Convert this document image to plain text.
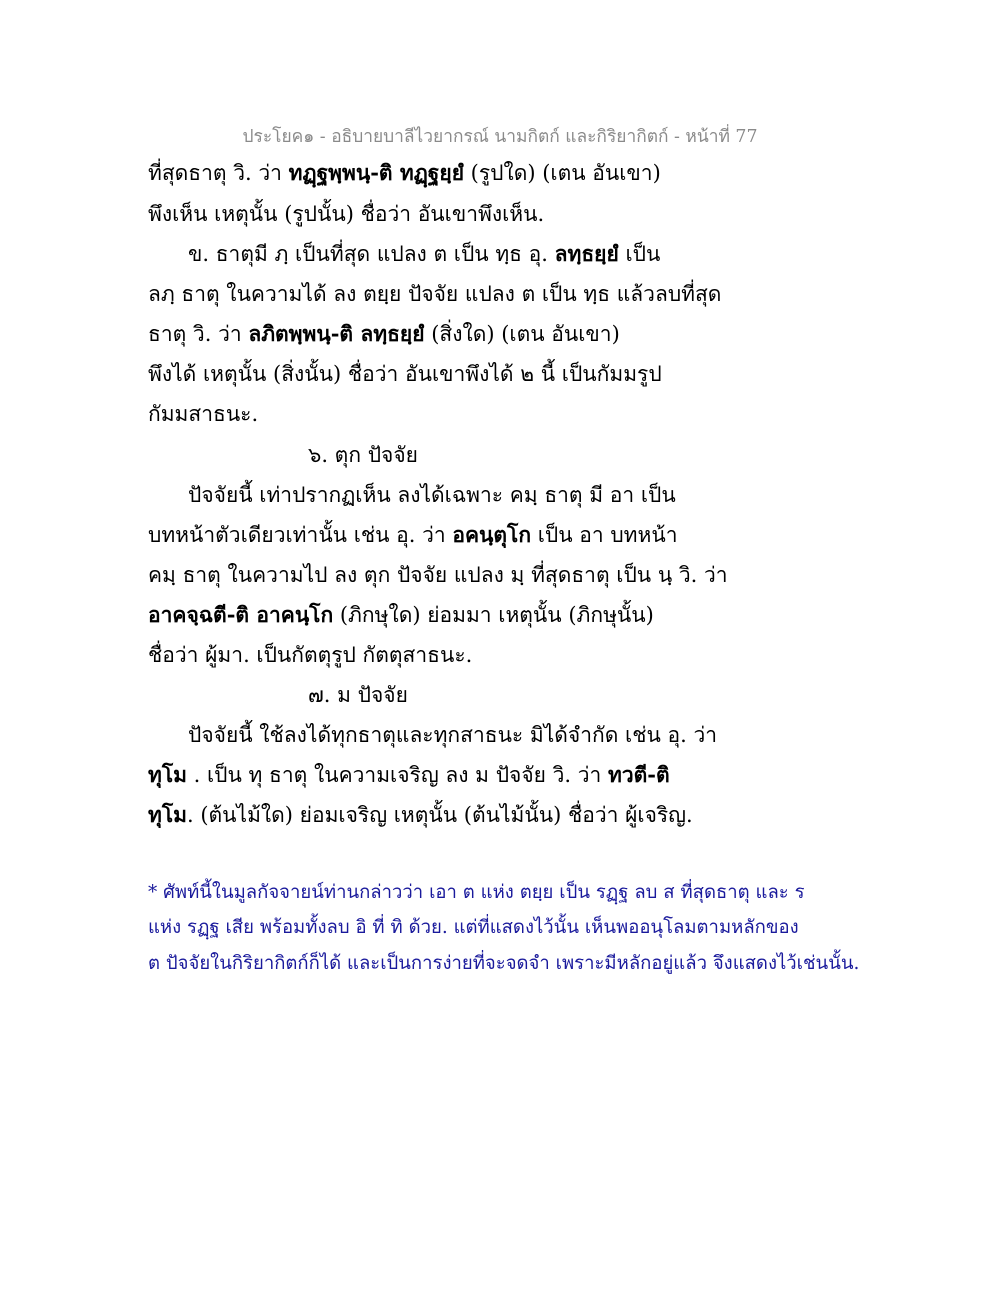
ประโยค๑ - อธิบายบาลีไวยากรณ์ นามกิตก์ และกิริยากิตก์ - หน้าที่ 77
ที่สุดธาตุ วิ. ว่า ทฏฺฐพฺพนฺ-ติ ทฏฺฐยฺยํ (รูปใด) (เตน อันเขา)
พึงเห็น เหตุนั้น (รูปนั้น) ชื่อว่า อันเขาพึงเห็น.
ข. ธาตุมี ภฺ เป็นที่สุด แปลง ต เป็น ทฺธ อุ. ลทฺธยฺยํ เป็น
ลภฺ ธาตุ ในความได้ ลง ตยฺย ปัจจัย แปลง ต เป็น ทฺธ แล้วลบที่สุด
ธาตุ วิ. ว่า ลภิตพฺพนฺ-ติ ลทฺธยฺยํ (สิ่งใด) (เตน อันเขา)
พึงได้ เหตุนั้น (สิ่งนั้น) ชื่อว่า อันเขาพึงได้ ๒ นี้ เป็นกัมมรูป
กัมมสาธนะ.
๖. ตุก ปัจจัย
ปัจจัยนี้ เท่าปรากฏเห็น ลงได้เฉพาะ คมฺ ธาตุ มี อา เป็น
บทหน้าตัวเดียวเท่านั้น เช่น อุ. ว่า อคนฺตุโก เป็น อา บทหน้า
คมฺ ธาตุ ในความไป ลง ตุก ปัจจัย แปลง มฺ ที่สุดธาตุ เป็น นฺ วิ. ว่า
อาคจฺฉตี-ติ อาคนฺโก (ภิกษุใด) ย่อมมา เหตุนั้น (ภิกษุนั้น)
ชื่อว่า ผู้มา. เป็นกัตตุรูป กัตตุสาธนะ.
๗. ม ปัจจัย
ปัจจัยนี้ ใช้ลงได้ทุกธาตุและทุกสาธนะ มิได้จำกัด เช่น อุ. ว่า
ทุโม . เป็น ทุ ธาตุ ในความเจริญ ลง ม ปัจจัย วิ. ว่า ทวตี-ติ
ทุโม. (ต้นไม้ใด) ย่อมเจริญ เหตุนั้น (ต้นไม้นั้น) ชื่อว่า ผู้เจริญ.
* ศัพท์นี้ในมูลกัจจายน์ท่านกล่าวว่า เอา ต แห่ง ตยฺย เป็น รฏฺฐ ลบ ส ที่สุดธาตุ และ ร
แห่ง รฏฺฐ เสีย พร้อมทั้งลบ อิ ที่ ทิ ด้วย. แต่ที่แสดงไว้นั้น เห็นพออนุโลมตามหลักของ
ต ปัจจัยในกิริยากิตก์ก็ได้ และเป็นการง่ายที่จะจดจำ เพราะมีหลักอยู่แล้ว จึงแสดงไว้เช่นนั้น.
